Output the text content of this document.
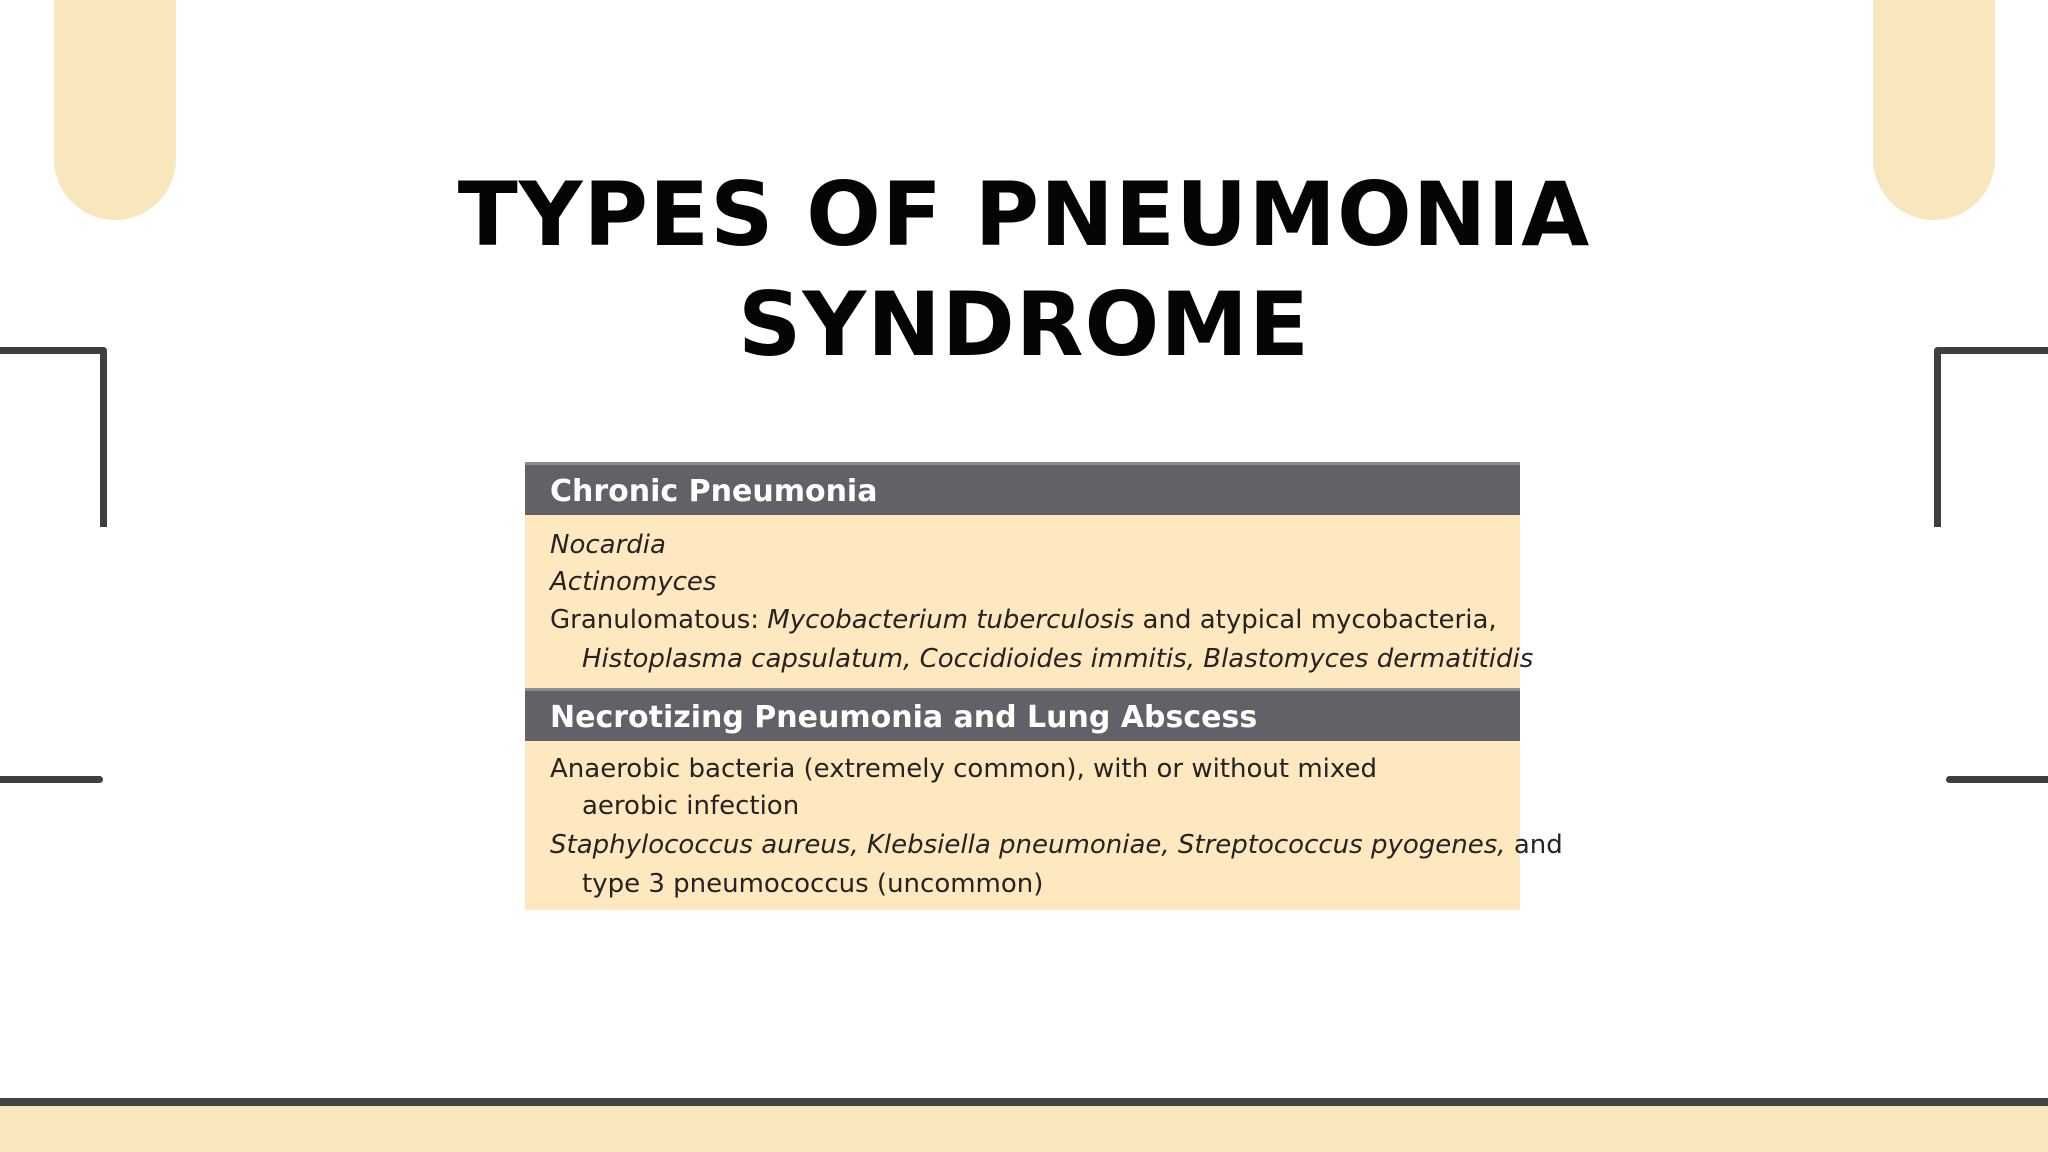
TYPES OF PNEUMONIA
SYNDROME
Chronic Pneumonia
Nocardia
Actinomyces
Granulomatous: Mycobacterium tuberculosis and atypical mycobacteria,
Histoplasma capsulatum, Coccidioides immitis, Blastomyces dermatitidis
Necrotizing Pneumonia and Lung Abscess
Anaerobic bacteria (extremely common), with or without mixed
aerobic infection
Staphylococcus aureus, Klebsiella pneumoniae, Streptococcus pyogenes, and
type 3 pneumococcus (uncommon)
